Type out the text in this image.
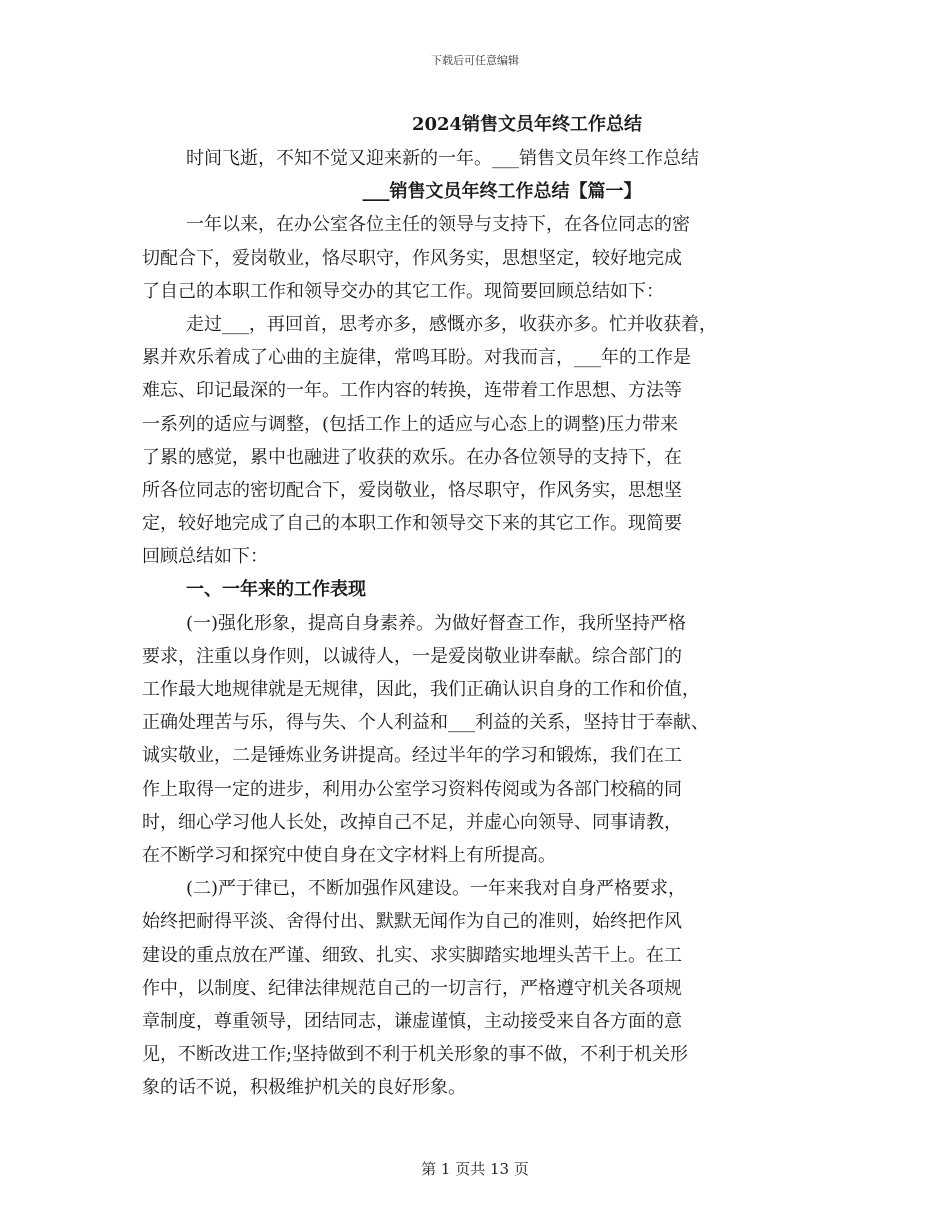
下载后可任意编辑
2024销售文员年终工作总结
时间飞逝，不知不觉又迎来新的一年。___销售文员年终工作总结
___销售文员年终工作总结【篇一】
一年以来，在办公室各位主任的领导与支持下，在各位同志的密
切配合下，爱岗敬业，恪尽职守，作风务实，思想坚定，较好地完成
了自己的本职工作和领导交办的其它工作。现简要回顾总结如下：
走过___，再回首，思考亦多，感慨亦多，收获亦多。忙并收获着，
累并欢乐着成了心曲的主旋律，常鸣耳盼。对我而言，___年的工作是
难忘、印记最深的一年。工作内容的转换，连带着工作思想、方法等
一系列的适应与调整，(包括工作上的适应与心态上的调整)压力带来
了累的感觉，累中也融进了收获的欢乐。在办各位领导的支持下，在
所各位同志的密切配合下，爱岗敬业，恪尽职守，作风务实，思想坚
定，较好地完成了自己的本职工作和领导交下来的其它工作。现简要
回顾总结如下：
一、一年来的工作表现
(一)强化形象，提高自身素养。为做好督查工作，我所坚持严格
要求，注重以身作则，以诚待人，一是爱岗敬业讲奉献。综合部门的
工作最大地规律就是无规律，因此，我们正确认识自身的工作和价值，
正确处理苦与乐，得与失、个人利益和___利益的关系，坚持甘于奉献、
诚实敬业，二是锤炼业务讲提高。经过半年的学习和锻炼，我们在工
作上取得一定的进步，利用办公室学习资料传阅或为各部门校稿的同
时，细心学习他人长处，改掉自己不足，并虚心向领导、同事请教，
在不断学习和探究中使自身在文字材料上有所提高。
(二)严于律已，不断加强作风建设。一年来我对自身严格要求，
始终把耐得平淡、舍得付出、默默无闻作为自己的准则，始终把作风
建设的重点放在严谨、细致、扎实、求实脚踏实地埋头苦干上。在工
作中，以制度、纪律法律规范自己的一切言行，严格遵守机关各项规
章制度，尊重领导，团结同志，谦虚谨慎，主动接受来自各方面的意
见，不断改进工作;坚持做到不利于机关形象的事不做，不利于机关形
象的话不说，积极维护机关的良好形象。
第 1 页共 13 页
